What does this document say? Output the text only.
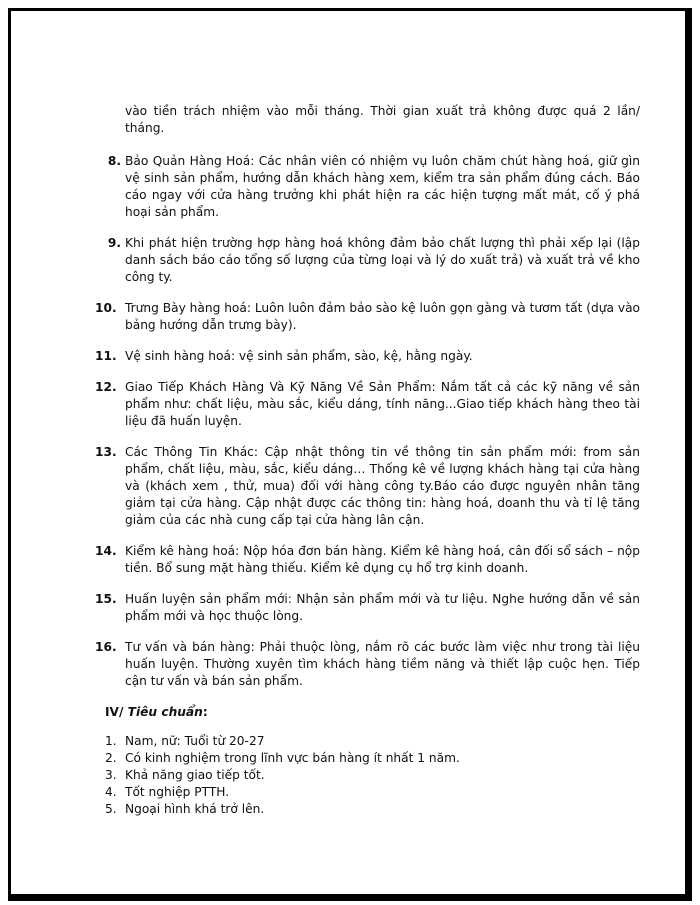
vào tiền trách nhiệm vào mỗi tháng. Thời gian xuất trả không được quá 2 lần/ tháng.
8. Bảo Quản Hàng Hoá: Các nhân viên có nhiệm vụ luôn chăm chút hàng hoá, giữ gìn vệ sinh sản phẩm, hướng dẫn khách hàng xem, kiểm tra sản phẩm đúng cách. Báo cáo ngay với cửa hàng trưởng khi phát hiện ra các hiện tượng mất mát, cố ý phá hoại sản phẩm.
9. Khi phát hiện trường hợp hàng hoá không đảm bảo chất lượng thì phải xếp lại (lập danh sách báo cáo tổng số lượng của từng loại và lý do xuất trả) và xuất trả về kho công ty.
10. Trưng Bày hàng hoá: Luôn luôn đảm bảo sào kệ luôn gọn gàng và tươm tất (dựa vào bảng hướng dẫn trưng bày).
11. Vệ sinh hàng hoá: vệ sinh sản phẩm, sào, kệ, hằng ngày.
12. Giao Tiếp Khách Hàng Và Kỹ Năng Về Sản Phẩm: Nắm tất cả các kỹ năng về sản phẩm như: chất liệu, màu sắc, kiểu dáng, tính năng...Giao tiếp khách hàng theo tài liệu đã huấn luyện.
13. Các Thông Tin Khác: Cập nhật thông tin về thông tin sản phẩm mới: from sản phẩm, chất liệu, màu, sắc, kiểu dáng… Thống kê về lượng khách hàng tại cửa hàng và (khách xem , thử, mua) đối với hàng công ty.Báo cáo được nguyên nhân tăng giảm tại cửa hàng. Cập nhật được các thông tin: hàng hoá, doanh thu và tỉ lệ tăng giảm của các nhà cung cấp tại cửa hàng lân cận.
14. Kiểm kê hàng hoá: Nộp hóa đơn bán hàng. Kiểm kê hàng hoá, cân đối sổ sách – nộp tiền. Bổ sung mặt hàng thiếu. Kiểm kê dụng cụ hổ trợ kinh doanh.
15. Huấn luyện sản phẩm mới: Nhận sản phẩm mới và tư liệu. Nghe hướng dẫn về sản phẩm mới và học thuộc lòng.
16. Tư vấn và bán hàng: Phải thuộc lòng, nắm rõ các bước làm việc như trong tài liệu huấn luyện. Thường xuyên tìm khách hàng tiềm năng và thiết lập cuộc hẹn. Tiếp cận tư vấn và bán sản phẩm.
IV/ Tiêu chuẩn:
1. Nam, nữ: Tuổi từ 20-27
2. Có kinh nghiệm trong lĩnh vực bán hàng ít nhất 1 năm.
3. Khả năng giao tiếp tốt.
4. Tốt nghiệp PTTH.
5. Ngoại hình khá trở lên.
